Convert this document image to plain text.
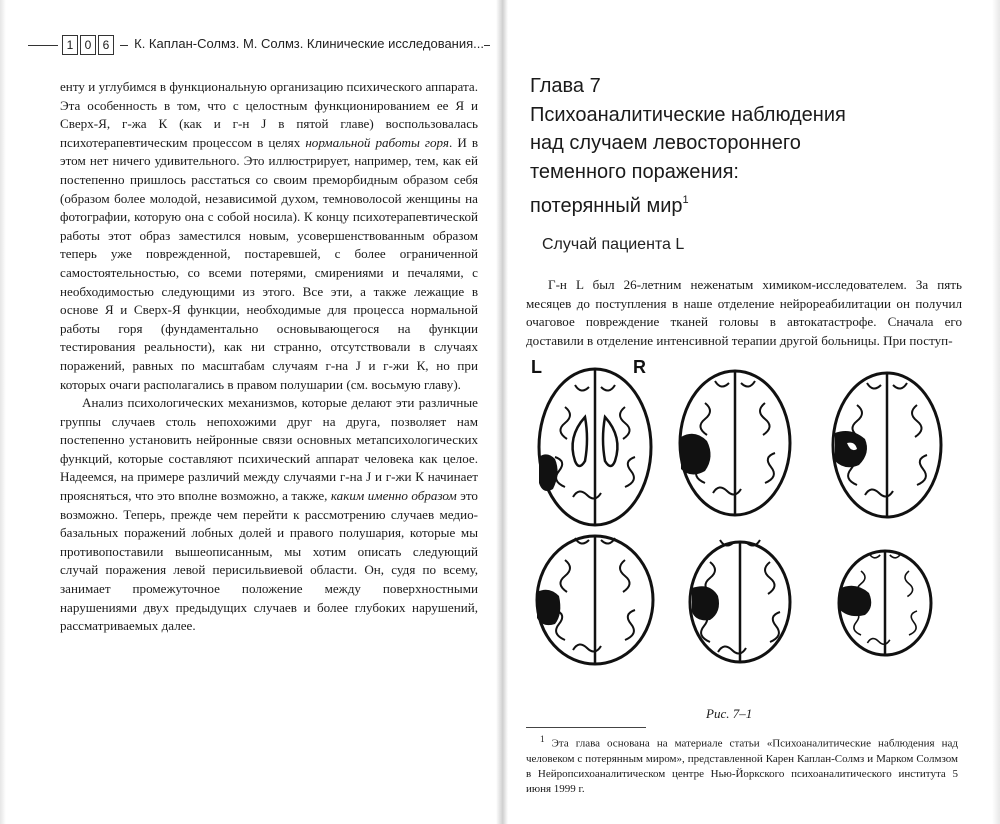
1 0 6	К. Каплан-Солмз. М. Солмз. Клинические исследования...

енту и углубимся в функциональную организацию психического аппарата. Эта особенность в том, что с целостным функционированием ее Я и Сверх-Я, г-жа К (как и г-н J в пятой главе) воспользовалась психотерапевтическим процессом в целях нормальной работы горя. И в этом нет ничего удивительного. Это иллюстрирует, например, тем, как ей постепенно пришлось расстаться со своим преморбидным образом себя (образом более молодой, независимой духом, темноволосой женщины на фотографии, которую она с собой носила). К концу психотерапевтической работы этот образ заместился новым, усовершенствованным образом теперь уже поврежденной, постаревшей, с более ограниченной самостоятельностью, со всеми потерями, смирениями и печалями, с необходимостью следующими из этого. Все эти, а также лежащие в основе Я и Сверх-Я функции, необходимые для процесса нормальной работы горя (фундаментально основывающегося на функции тестирования реальности), как ни странно, отсутствовали в случаях поражений, равных по масштабам случаям г-на J и г-жи К, но при которых очаги располагались в правом полушарии (см. восьмую главу).

Анализ психологических механизмов, которые делают эти различные группы случаев столь непохожими друг на друга, позволяет нам постепенно установить нейронные связи основных метапсихологических функций, которые составляют психический аппарат человека как целое. Надеемся, на примере различий между случаями г-на J и г-жи К начинает проясняться, что это вполне возможно, а также, каким именно образом это возможно. Теперь, прежде чем перейти к рассмотрению случаев медио-базальных поражений лобных долей и правого полушария, которые мы противопоставили вышеописанным, мы хотим описать следующий случай поражения левой перисильвиевой области. Он, судя по всему, занимает промежуточное положение между поверхностными нарушениями двух предыдущих случаев и более глубоких нарушений, рассматриваемых далее.

Глава 7
Психоаналитические наблюдения
над случаем левостороннего
теменного поражения:
потерянный мир$^1$
Случай пациента L

Г-н L был 26-летним неженатым химиком-исследователем. За пять месяцев до поступления в наше отделение нейрореабилитации он получил очаговое повреждение тканей головы в автокатастрофе. Сначала его доставили в отделение интенсивной терапии другой больницы. При поступ-

L	R
Рис. 7–1
$^1$ Эта глава основана на материале статьи «Психоаналитические наблюдения над человеком с потерянным миром», представленной Карен Каплан-Солмз и Марком Солмзом в Нейропсихоаналитическом центре Нью-Йоркского психоаналитического института 5 июня 1999 г.
